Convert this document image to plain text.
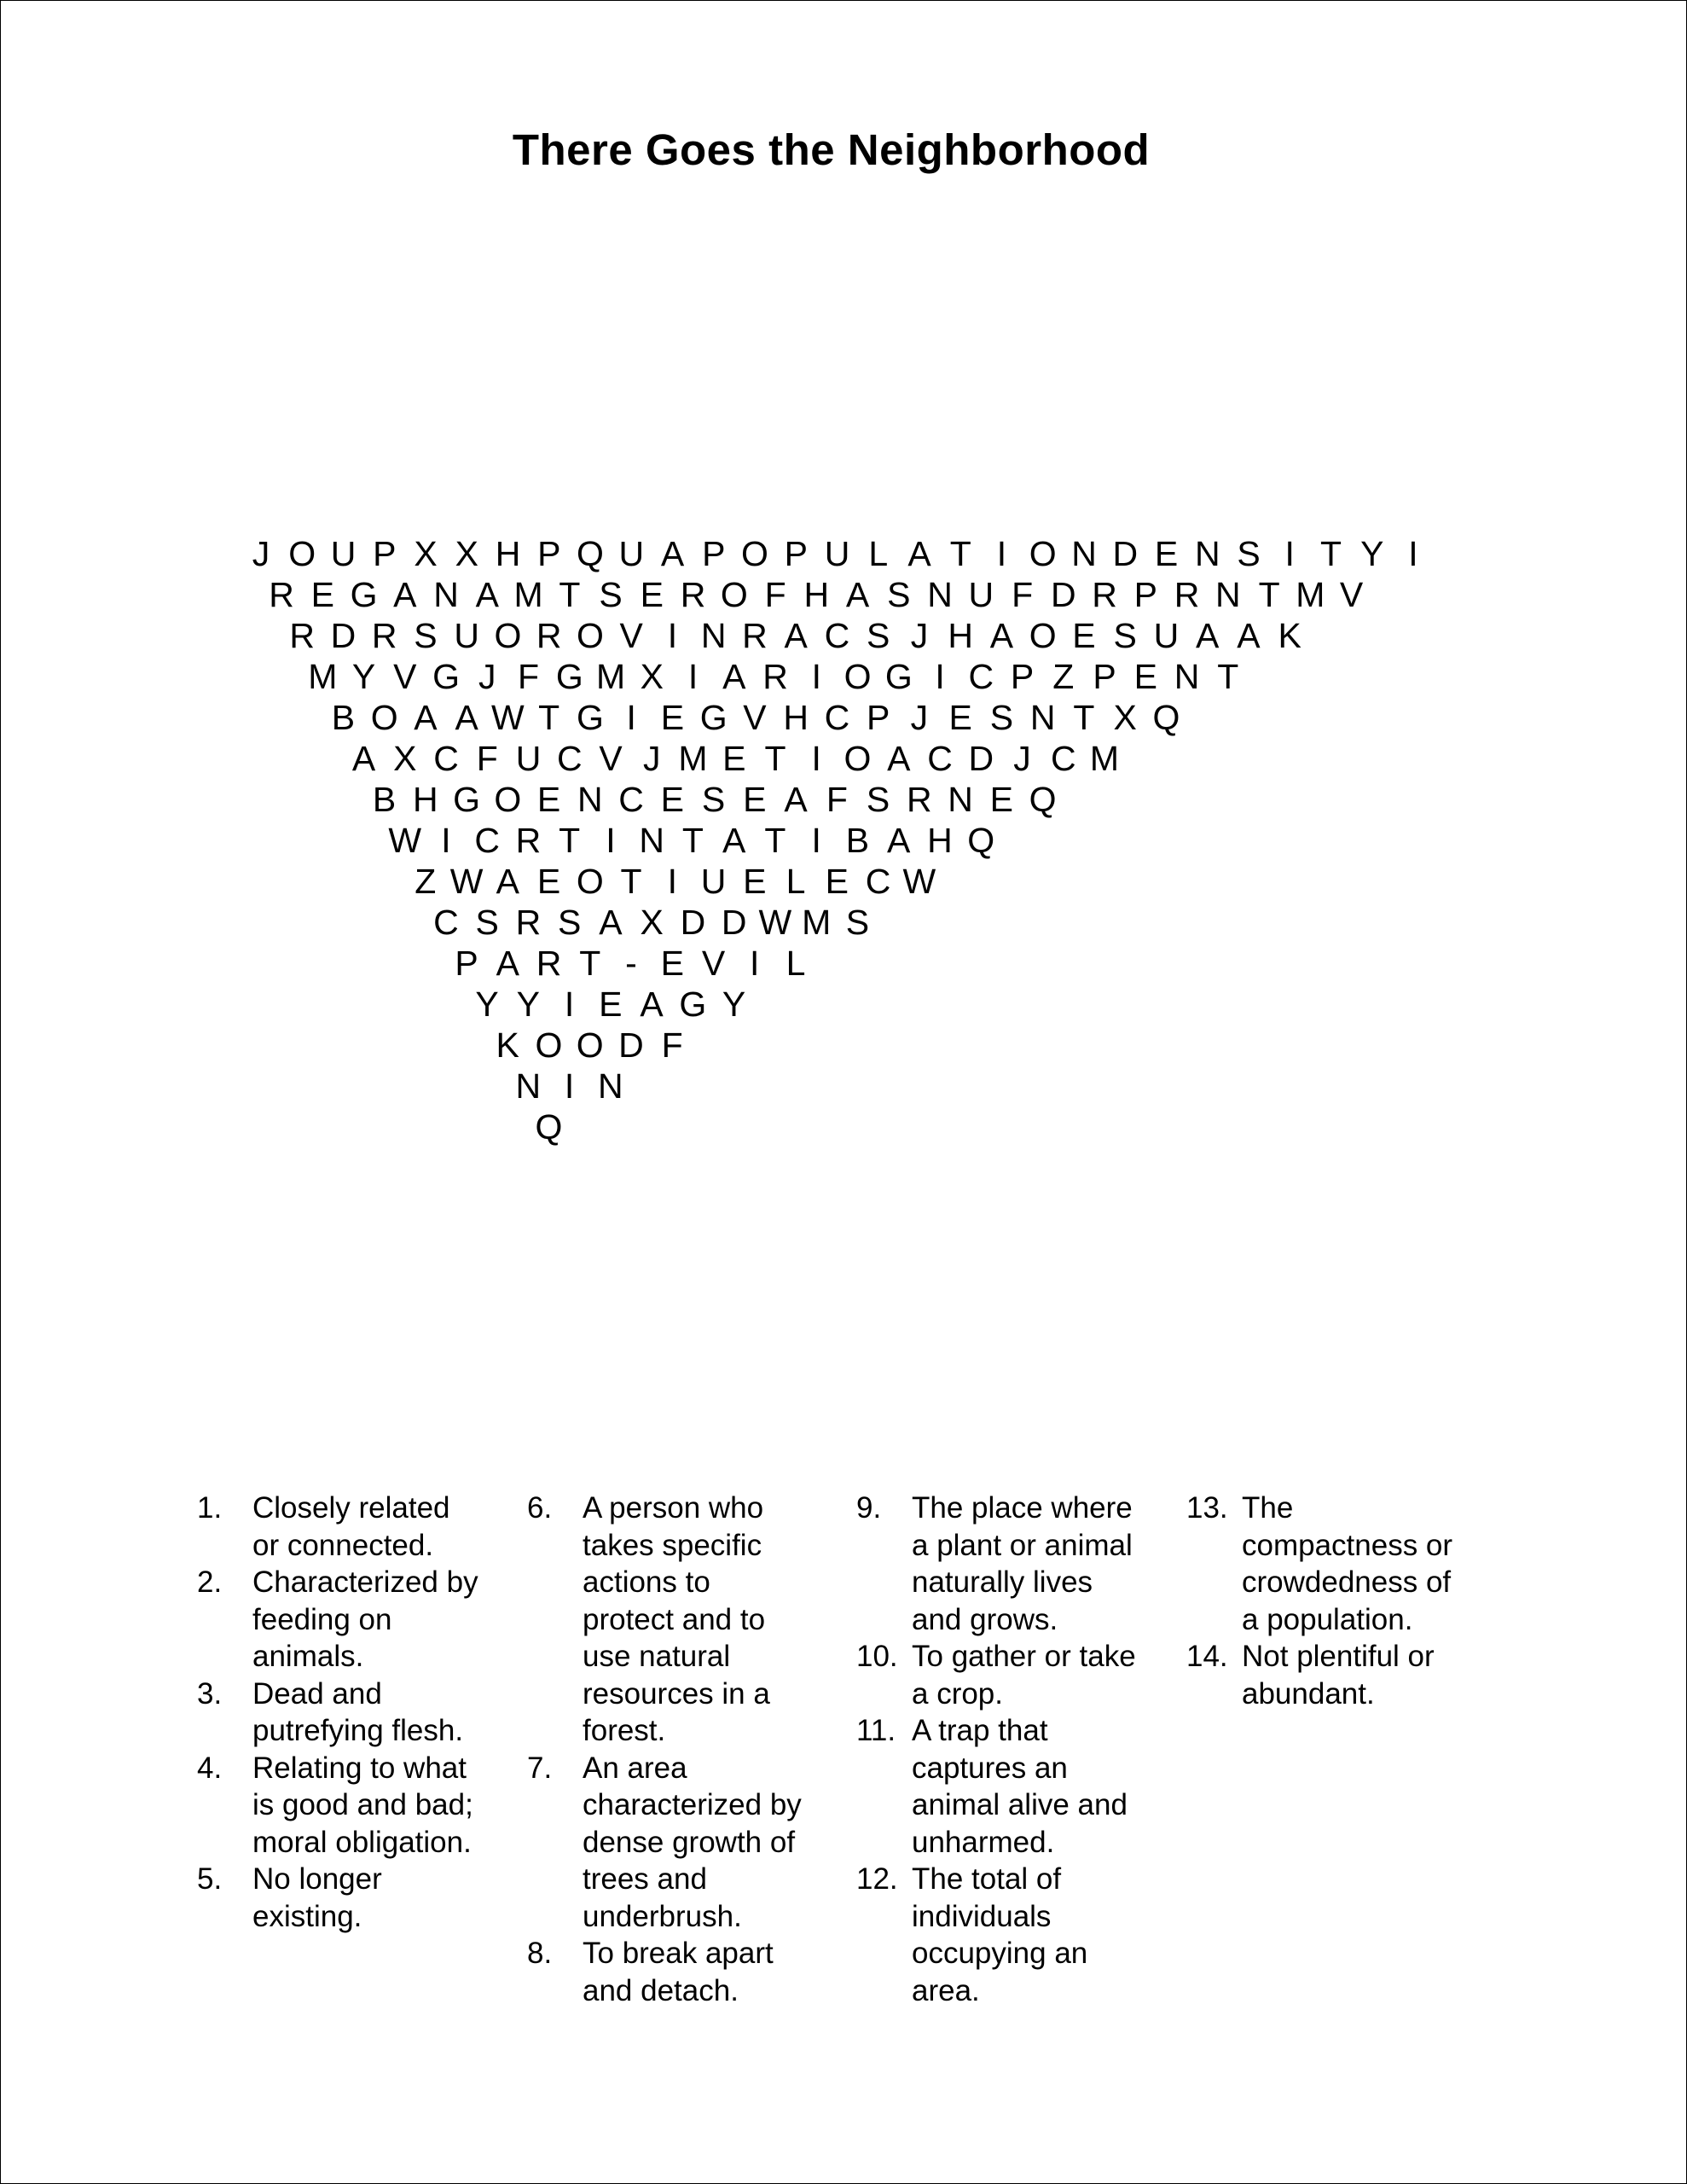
There Goes the Neighborhood
J O U P X X H P Q U A P O P U L A T I O N D E N S I T Y I
R E G A N A M T S E R O F H A S N U F D R P R N T M V
R D R S U O R O V I N R A C S J H A O E S U A A K
M Y V G J F G M X I A R I O G I C P Z P E N T
B O A A W T G I E G V H C P J E S N T X Q
A X C F U C V J M E T I O A C D J C M
B H G O E N C E S E A F S R N E Q
W I C R T I N T A T I B A H Q
Z W A E O T I U E L E C W
C S R S A X D D W M S
P A R T - E V I L
Y Y I E A G Y
K O O D F
N I N
Q
1.	Closely related or connected.
2.	Characterized by feeding on animals.
3.	Dead and putrefying flesh.
4.	Relating to what is good and bad; moral obligation.
5.	No longer existing.
6.	A person who takes specific actions to protect and to use natural resources in a forest.
7.	An area characterized by dense growth of trees and underbrush.
8.	To break apart and detach.
9.	The place where a plant or animal naturally lives and grows.
10. To gather or take a crop.
11. A trap that captures an animal alive and unharmed.
12. The total of individuals occupying an area.
13. The compactness or crowdedness of a population.
14. Not plentiful or abundant.
